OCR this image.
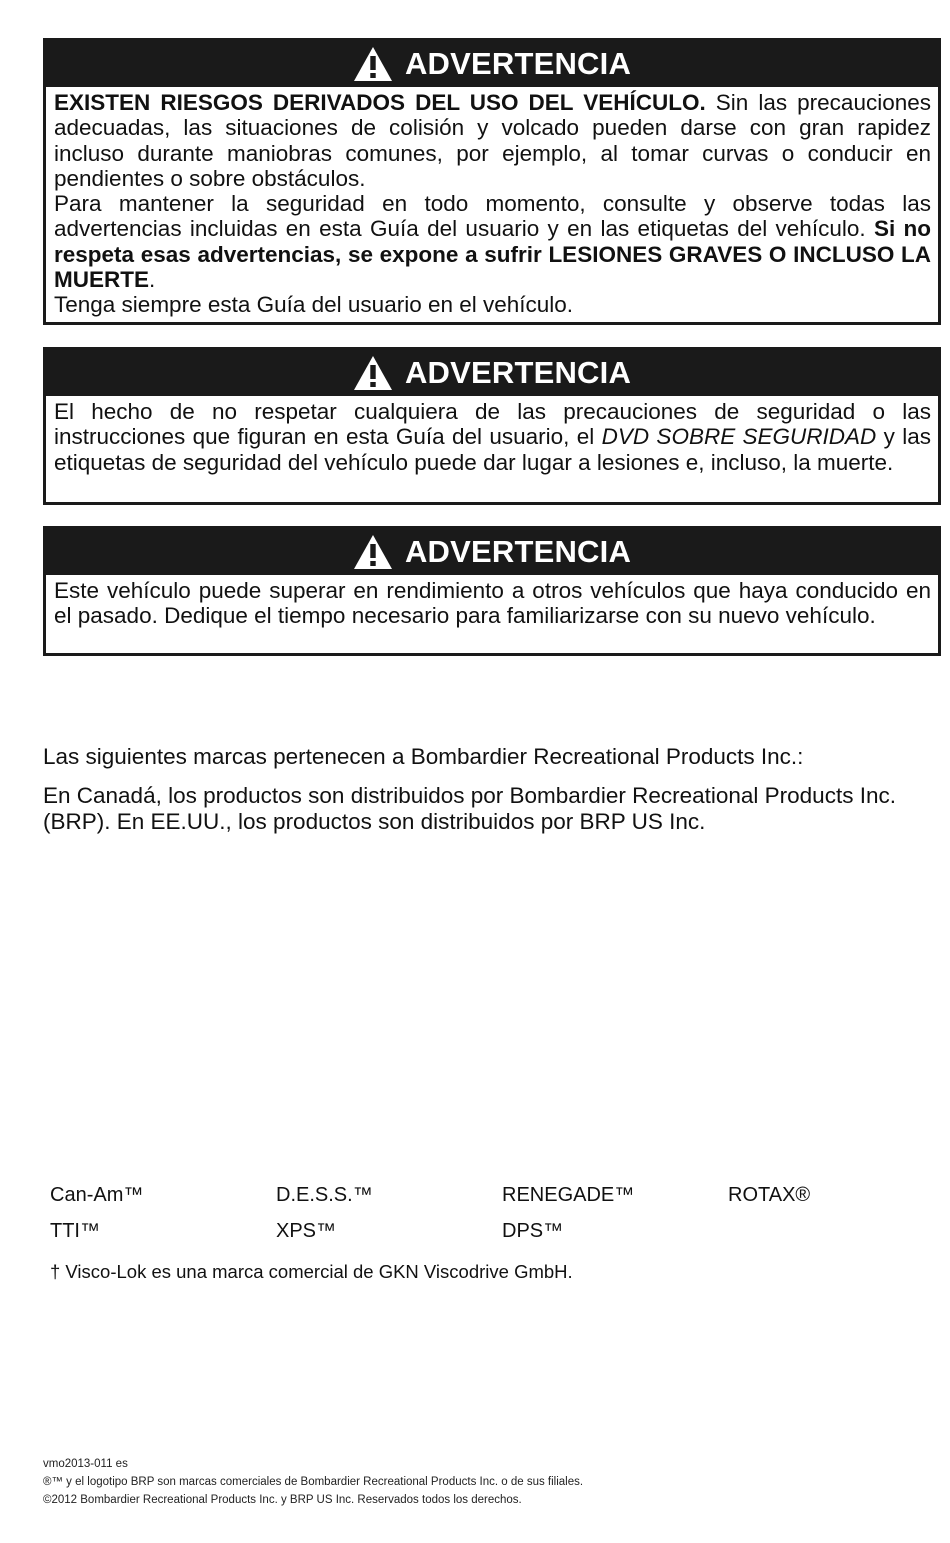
ADVERTENCIA

EXISTEN RIESGOS DERIVADOS DEL USO DEL VEHÍCULO. Sin las precauciones adecuadas, las situaciones de colisión y volcado pueden darse con gran rapidez incluso durante maniobras comunes, por ejemplo, al tomar curvas o conducir en pendientes o sobre obstáculos.

Para mantener la seguridad en todo momento, consulte y observe todas las advertencias incluidas en esta Guía del usuario y en las etiquetas del vehículo. Si no respeta esas advertencias, se expone a sufrir LESIONES GRAVES O INCLUSO LA MUERTE.

Tenga siempre esta Guía del usuario en el vehículo.

ADVERTENCIA

El hecho de no respetar cualquiera de las precauciones de seguridad o las instrucciones que figuran en esta Guía del usuario, el DVD SOBRE SEGURIDAD y las etiquetas de seguridad del vehículo puede dar lugar a lesiones e, incluso, la muerte.

ADVERTENCIA

Este vehículo puede superar en rendimiento a otros vehículos que haya conducido en el pasado. Dedique el tiempo necesario para familiarizarse con su nuevo vehículo.

Las siguientes marcas pertenecen a Bombardier Recreational Products Inc.:
En Canadá, los productos son distribuidos por Bombardier Recreational Products Inc. (BRP). En EE.UU., los productos son distribuidos por BRP US Inc.
Can-Am™	D.E.S.S.™	RENEGADE™	ROTAX®
TTI™	XPS™	DPS™
† Visco-Lok es una marca comercial de GKN Viscodrive GmbH.
vmo2013-011 es
®™ y el logotipo BRP son marcas comerciales de Bombardier Recreational Products Inc. o de sus filiales.
©2012 Bombardier Recreational Products Inc. y BRP US Inc. Reservados todos los derechos.
